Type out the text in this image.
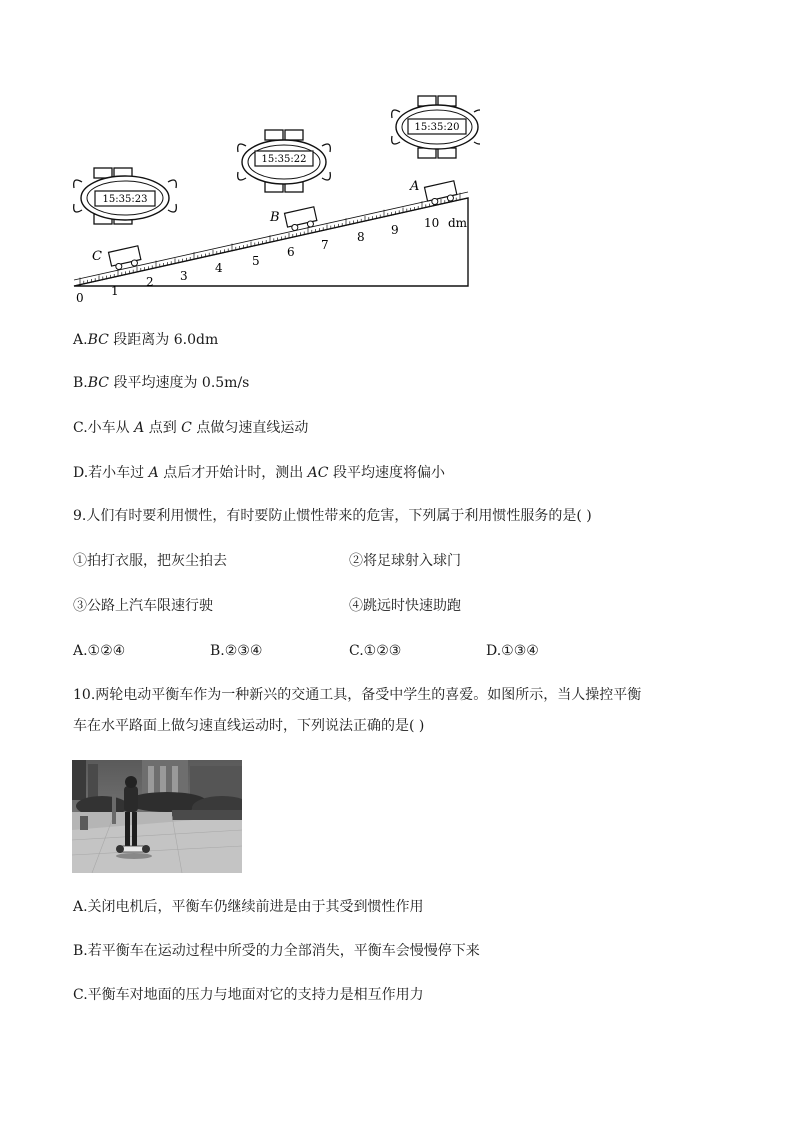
15:35:23
15:35:22
15:35:20
0 1
2 3
4 5
6 7
8 9 10 dm
C
B
A
A.BC 段距离为 6.0dm
B.BC 段平均速度为 0.5m/s
C.小车从 A 点到 C 点做匀速直线运动
D.若小车过 A 点后才开始计时，测出 AC 段平均速度将偏小
9.人们有时要利用惯性，有时要防止惯性带来的危害，下列属于利用惯性服务的是( )
①拍打衣服，把灰尘拍去	②将足球射入球门
③公路上汽车限速行驶	④跳远时快速助跑
A.①②④	B.②③④	C.①②③	D.①③④
10.两轮电动平衡车作为一种新兴的交通工具，备受中学生的喜爱。如图所示，当人操控平衡
车在水平路面上做匀速直线运动时，下列说法正确的是( )
A.关闭电机后，平衡车仍继续前进是由于其受到惯性作用
B.若平衡车在运动过程中所受的力全部消失，平衡车会慢慢停下来
C.平衡车对地面的压力与地面对它的支持力是相互作用力
